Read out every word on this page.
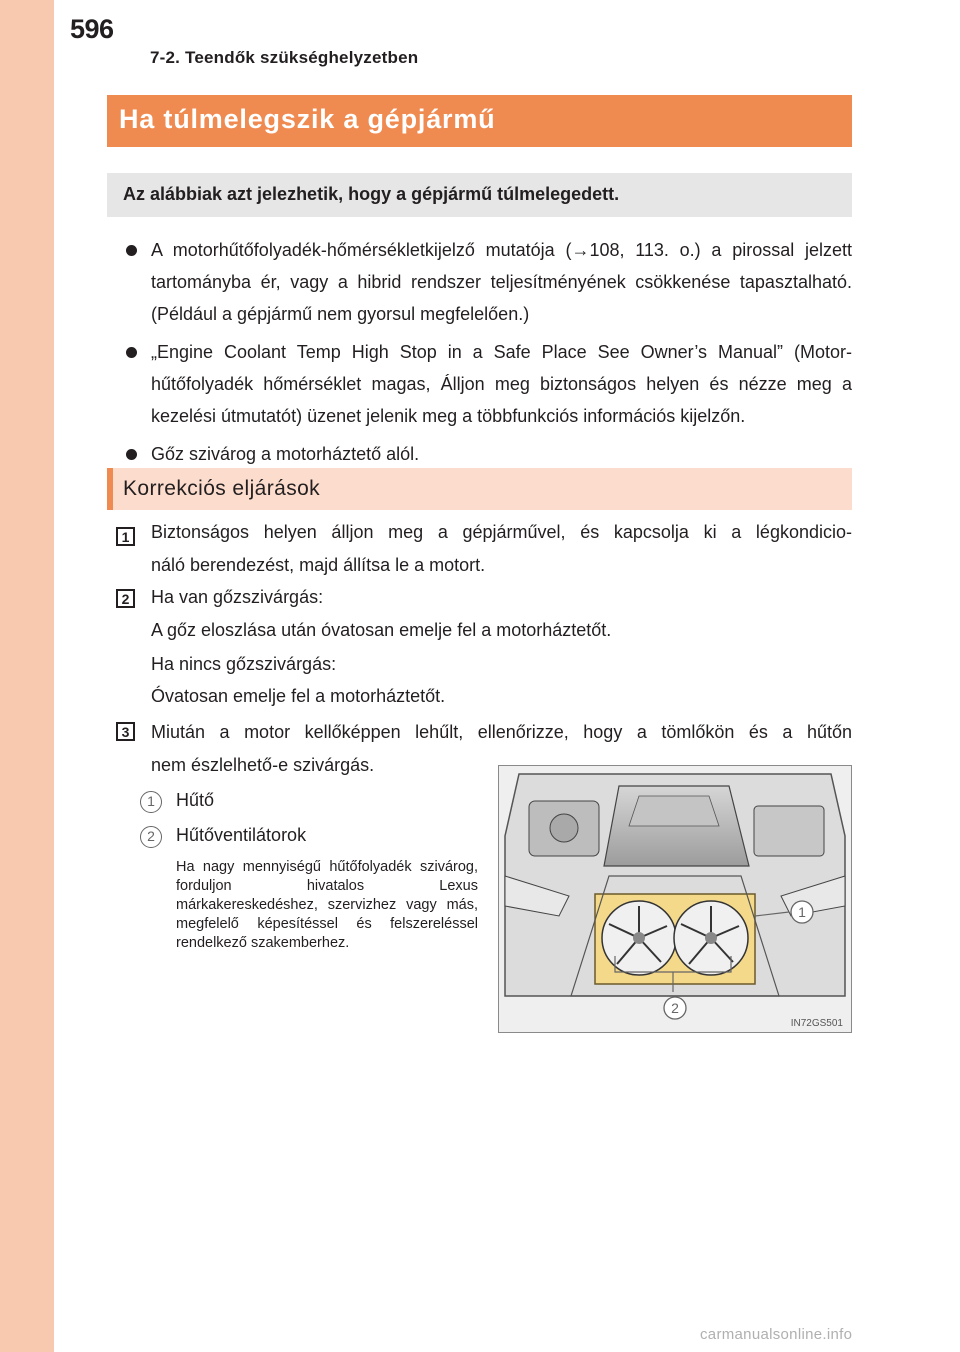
596
7-2. Teendők szükséghelyzetben
Ha túlmelegszik a gépjármű
Az alábbiak azt jelezhetik, hogy a gépjármű túlmelegedett.
A motorhűtőfolyadék-hőmérsékletkijelző mutatója (→108, 113. o.) a pirossal jelzett tartományba ér, vagy a hibrid rendszer teljesítményének csökkenése tapasztalható. (Például a gépjármű nem gyorsul megfelelően.)
„Engine Coolant Temp High Stop in a Safe Place See Owner’s Manual” (Motor-hűtőfolyadék hőmérséklet magas, Álljon meg biztonságos helyen és nézze meg a kezelési útmutatót) üzenet jelenik meg a többfunkciós információs kijelzőn.
Gőz szivárog a motorháztető alól.
Korrekciós eljárások
1	Biztonságos helyen álljon meg a gépjárművel, és kapcsolja ki a légkondicio-
náló berendezést, majd állítsa le a motort.
2	Ha van gőzszivárgás:
A gőz eloszlása után óvatosan emelje fel a motorháztetőt.
Ha nincs gőzszivárgás:
Óvatosan emelje fel a motorháztetőt.
3	Miután a motor kellőképpen lehűlt, ellenőrizze, hogy a tömlőkön és a hűtőn
nem észlelhető-e szivárgás.
1	Hűtő
2	Hűtőventilátorok
Ha nagy mennyiségű hűtőfolyadék szivárog, forduljon hivatalos Lexus márkakereskedéshez, szervizhez vagy más, megfelelő képesítéssel és felszereléssel rendelkező szakemberhez.
1
2
IN72GS501
carmanualsonline.info
